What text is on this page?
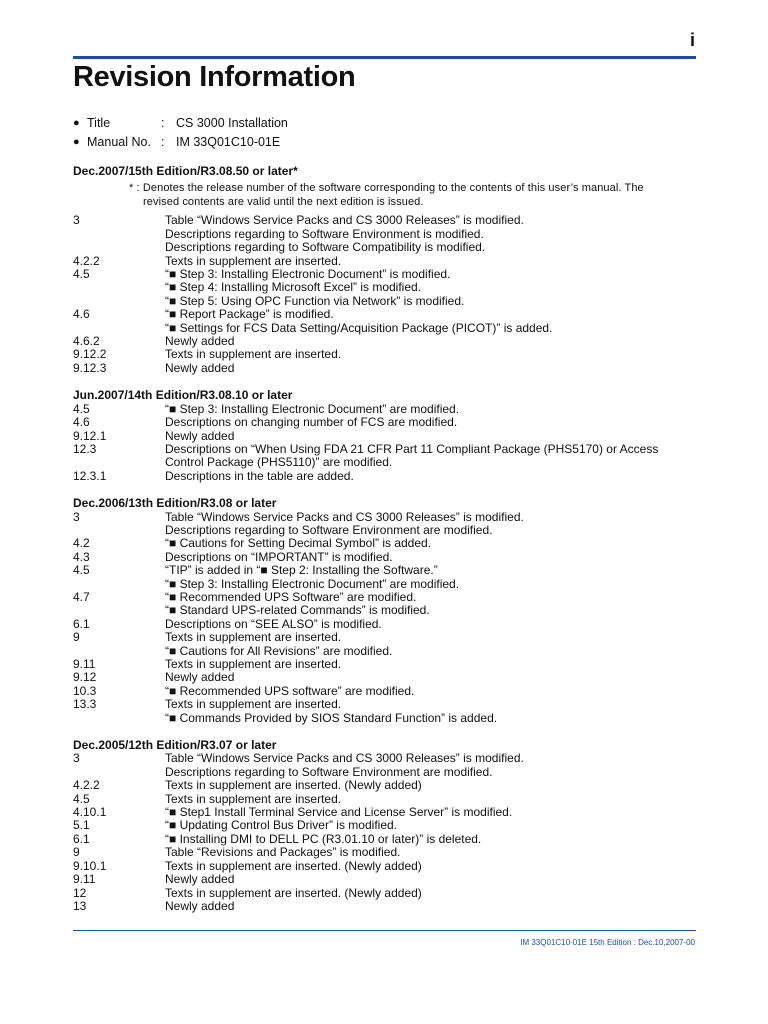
i
Revision Information
● Title	: CS 3000 Installation
● Manual No. : IM 33Q01C10-01E
Dec.2007/15th Edition/R3.08.50 or later*
* : Denotes the release number of the software corresponding to the contents of this user’s manual. The
revised contents are valid until the next edition is issued.
3	Table “Windows Service Packs and CS 3000 Releases” is modified.
Descriptions regarding to Software Environment is modified.
Descriptions regarding to Software Compatibility is modified.
4.2.2	Texts in supplement are inserted.
4.5	“■ Step 3: Installing Electronic Document” is modified.
“■ Step 4: Installing Microsoft Excel” is modified.
“■ Step 5: Using OPC Function via Network” is modified.
4.6	“■ Report Package” is modified.
“■ Settings for FCS Data Setting/Acquisition Package (PICOT)” is added.
4.6.2	Newly added
9.12.2	Texts in supplement are inserted.
9.12.3	Newly added
Jun.2007/14th Edition/R3.08.10 or later
4.5	“■ Step 3: Installing Electronic Document” are modified.
4.6	Descriptions on changing number of FCS are modified.
9.12.1	Newly added
12.3	Descriptions on “When Using FDA 21 CFR Part 11 Compliant Package (PHS5170) or Access
Control Package (PHS5110)” are modified.
12.3.1	Descriptions in the table are added.
Dec.2006/13th Edition/R3.08 or later
3	Table “Windows Service Packs and CS 3000 Releases” is modified.
Descriptions regarding to Software Environment are modified.
4.2	“■ Cautions for Setting Decimal Symbol” is added.
4.3	Descriptions on “IMPORTANT” is modified.
4.5	“TIP” is added in “■ Step 2: Installing the Software.”
“■ Step 3: Installing Electronic Document” are modified.
4.7	“■ Recommended UPS Software” are modified.
“■ Standard UPS-related Commands” is modified.
6.1	Descriptions on “SEE ALSO” is modified.
9	Texts in supplement are inserted.
“■ Cautions for All Revisions” are modified.
9.11	Texts in supplement are inserted.
9.12	Newly added
10.3	“■ Recommended UPS software” are modified.
13.3	Texts in supplement are inserted.
“■ Commands Provided by SIOS Standard Function” is added.
Dec.2005/12th Edition/R3.07 or later
3	Table “Windows Service Packs and CS 3000 Releases” is modified.
Descriptions regarding to Software Environment are modified.
4.2.2	Texts in supplement are inserted. (Newly added)
4.5	Texts in supplement are inserted.
4.10.1	“■ Step1 Install Terminal Service and License Server” is modified.
5.1	“■ Updating Control Bus Driver” is modified.
6.1	“■ Installing DMI to DELL PC (R3.01.10 or later)” is deleted.
9	Table “Revisions and Packages” is modified.
9.10.1	Texts in supplement are inserted. (Newly added)
9.11	Newly added
12	Texts in supplement are inserted. (Newly added)
13	Newly added
IM 33Q01C10-01E 15th Edition : Dec.10,2007-00
